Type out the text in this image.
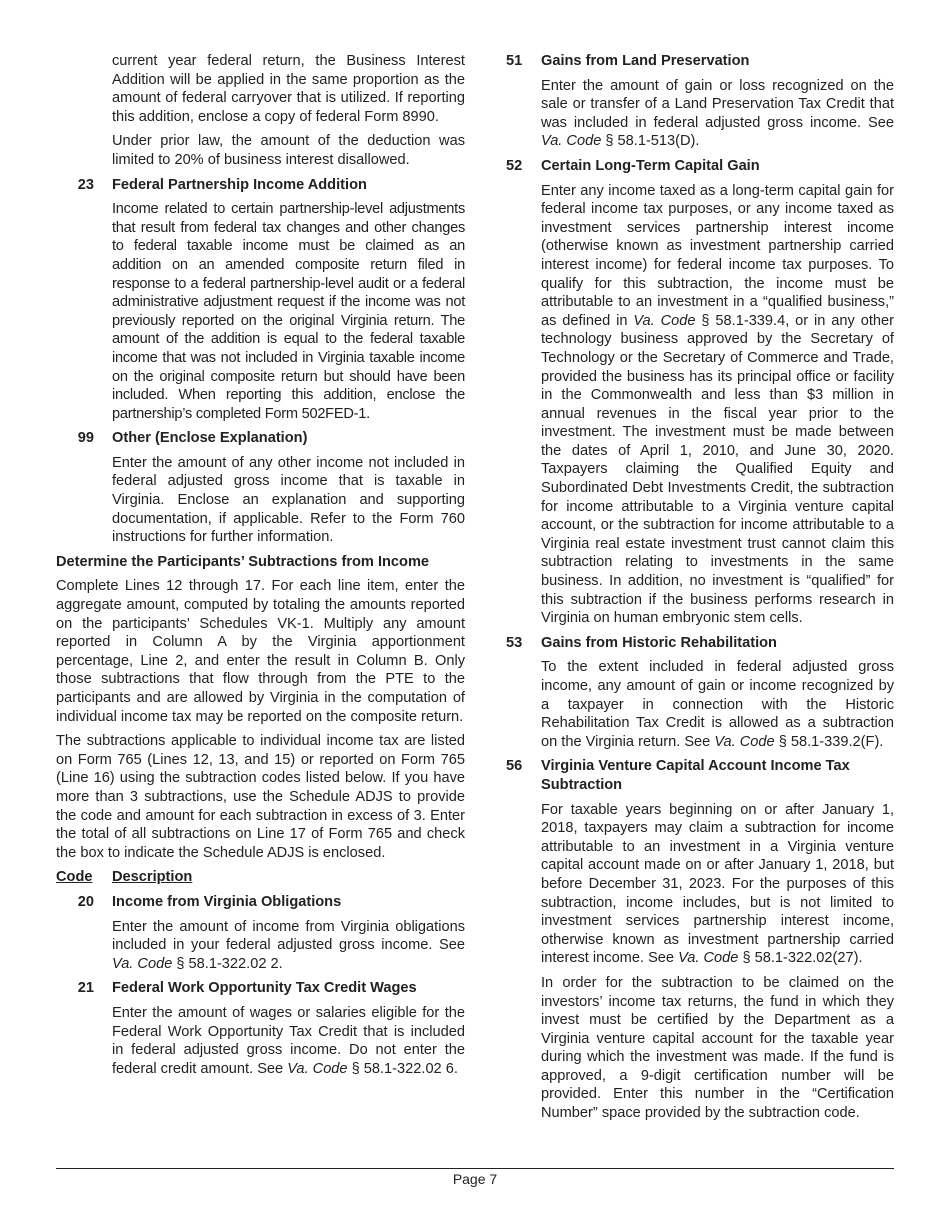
current year federal return, the Business Interest Addition will be applied in the same proportion as the amount of federal carryover that is utilized. If reporting this addition, enclose a copy of federal Form 8990.

Under prior law, the amount of the deduction was limited to 20% of business interest disallowed.

23	Federal Partnership Income Addition

Income related to certain partnership-level adjustments that result from federal tax changes and other changes to federal taxable income must be claimed as an addition on an amended composite return filed in response to a federal partnership-level audit or a federal administrative adjustment request if the income was not previously reported on the original Virginia return. The amount of the addition is equal to the federal taxable income that was not included in Virginia taxable income on the original composite return but should have been included. When reporting this addition, enclose the partnership’s completed Form 502FED-1.

99	Other (Enclose Explanation)

Enter the amount of any other income not included in federal adjusted gross income that is taxable in Virginia. Enclose an explanation and supporting documentation, if applicable. Refer to the Form 760 instructions for further information.

Determine the Participants’ Subtractions from Income

Complete Lines 12 through 17. For each line item, enter the aggregate amount, computed by totaling the amounts reported on the participants’ Schedules VK-1. Multiply any amount reported in Column A by the Virginia apportionment percentage, Line 2, and enter the result in Column B. Only those subtractions that flow through from the PTE to the participants and are allowed by Virginia in the computation of individual income tax may be reported on the composite return.

The subtractions applicable to individual income tax are listed on Form 765 (Lines 12, 13, and 15) or reported on Form 765 (Line 16) using the subtraction codes listed below. If you have more than 3 subtractions, use the Schedule ADJS to provide the code and amount for each subtraction in excess of 3. Enter the total of all subtractions on Line 17 of Form 765 and check the box to indicate the Schedule ADJS is enclosed.

Code	Description
20	Income from Virginia Obligations

Enter the amount of income from Virginia obligations included in your federal adjusted gross income. See Va. Code § 58.1-322.02 2.

21	Federal Work Opportunity Tax Credit Wages

Enter the amount of wages or salaries eligible for the Federal Work Opportunity Tax Credit that is included in federal adjusted gross income. Do not enter the federal credit amount. See Va. Code § 58.1-322.02 6.

51	Gains from Land Preservation

Enter the amount of gain or loss recognized on the sale or transfer of a Land Preservation Tax Credit that was included in federal adjusted gross income. See Va. Code § 58.1-513(D).

52	Certain Long-Term Capital Gain

Enter any income taxed as a long-term capital gain for federal income tax purposes, or any income taxed as investment services partnership interest income (otherwise known as investment partnership carried interest income) for federal income tax purposes. To qualify for this subtraction, the income must be attributable to an investment in a “qualified business,” as defined in Va. Code § 58.1-339.4, or in any other technology business approved by the Secretary of Technology or the Secretary of Commerce and Trade, provided the business has its principal office or facility in the Commonwealth and less than $3 million in annual revenues in the fiscal year prior to the investment. The investment must be made between the dates of April 1, 2010, and June 30, 2020. Taxpayers claiming the Qualified Equity and Subordinated Debt Investments Credit, the subtraction for income attributable to a Virginia venture capital account, or the subtraction for income attributable to a Virginia real estate investment trust cannot claim this subtraction relating to investments in the same business. In addition, no investment is “qualified” for this subtraction if the business performs research in Virginia on human embryonic stem cells.

53	Gains from Historic Rehabilitation

To the extent included in federal adjusted gross income, any amount of gain or income recognized by a taxpayer in connection with the Historic Rehabilitation Tax Credit is allowed as a subtraction on the Virginia return. See Va. Code § 58.1-339.2(F).

56	Virginia Venture Capital Account Income Tax Subtraction

For taxable years beginning on or after January 1, 2018, taxpayers may claim a subtraction for income attributable to an investment in a Virginia venture capital account made on or after January 1, 2018, but before December 31, 2023. For the purposes of this subtraction, income includes, but is not limited to investment services partnership interest income, otherwise known as investment partnership carried interest income. See Va. Code § 58.1-322.02(27).

In order for the subtraction to be claimed on the investors’ income tax returns, the fund in which they invest must be certified by the Department as a Virginia venture capital account for the taxable year during which the investment was made. If the fund is approved, a 9-digit certification number will be provided. Enter this number in the “Certification Number” space provided by the subtraction code.

Page 7
